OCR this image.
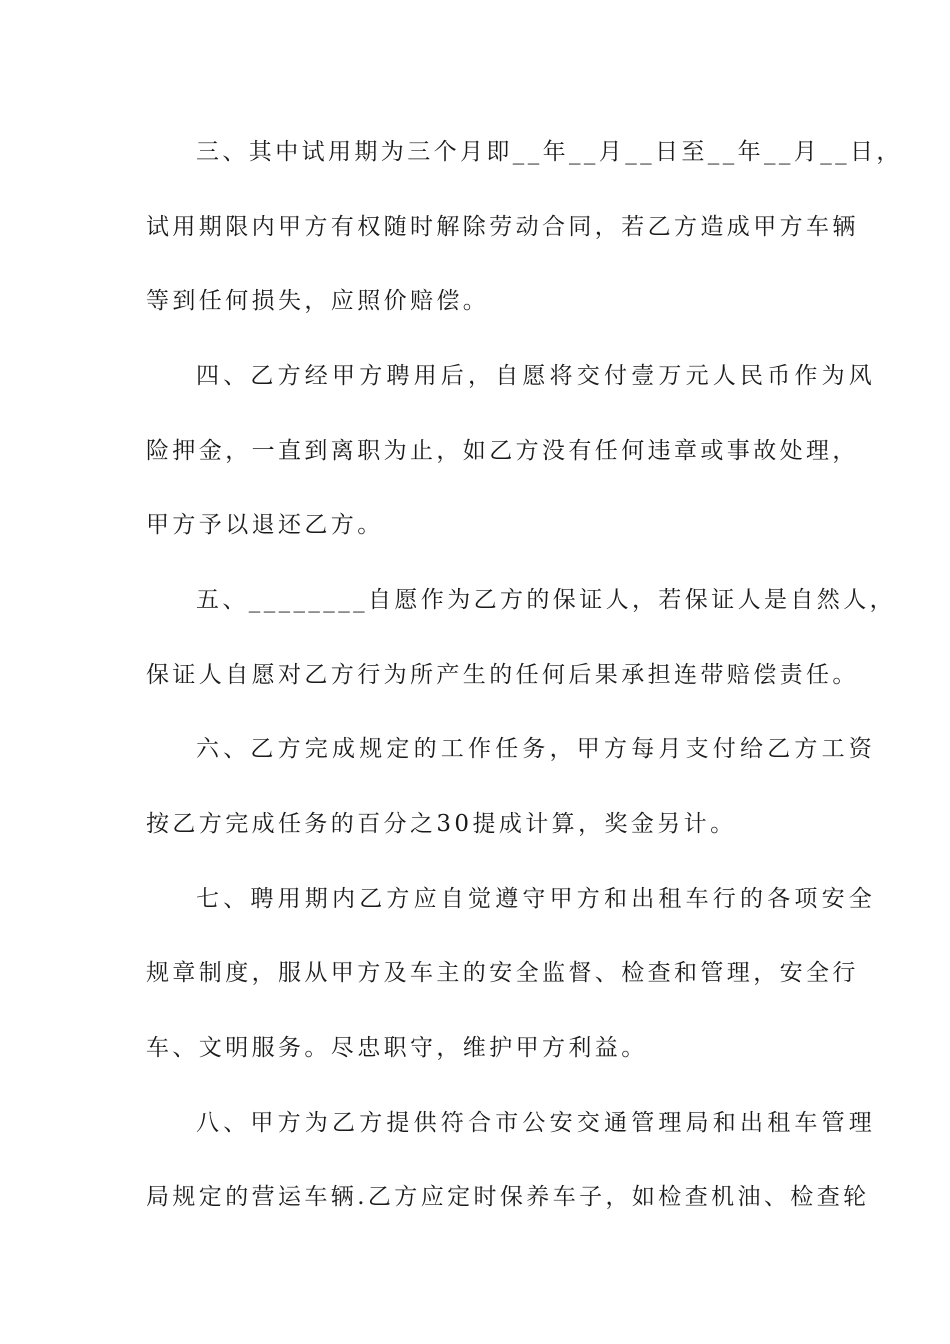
三、其中试用期为三个月即__年__月__日至__年__月__日，
试用期限内甲方有权随时解除劳动合同，若乙方造成甲方车辆
等到任何损失，应照价赔偿。
四、乙方经甲方聘用后，自愿将交付壹万元人民币作为风
险押金，一直到离职为止，如乙方没有任何违章或事故处理，
甲方予以退还乙方。
五、________自愿作为乙方的保证人，若保证人是自然人，
保证人自愿对乙方行为所产生的任何后果承担连带赔偿责任。
六、乙方完成规定的工作任务，甲方每月支付给乙方工资
按乙方完成任务的百分之30提成计算，奖金另计。
七、聘用期内乙方应自觉遵守甲方和出租车行的各项安全
规章制度，服从甲方及车主的安全监督、检查和管理，安全行
车、文明服务。尽忠职守，维护甲方利益。
八、甲方为乙方提供符合市公安交通管理局和出租车管理
局规定的营运车辆.乙方应定时保养车子，如检查机油、检查轮
